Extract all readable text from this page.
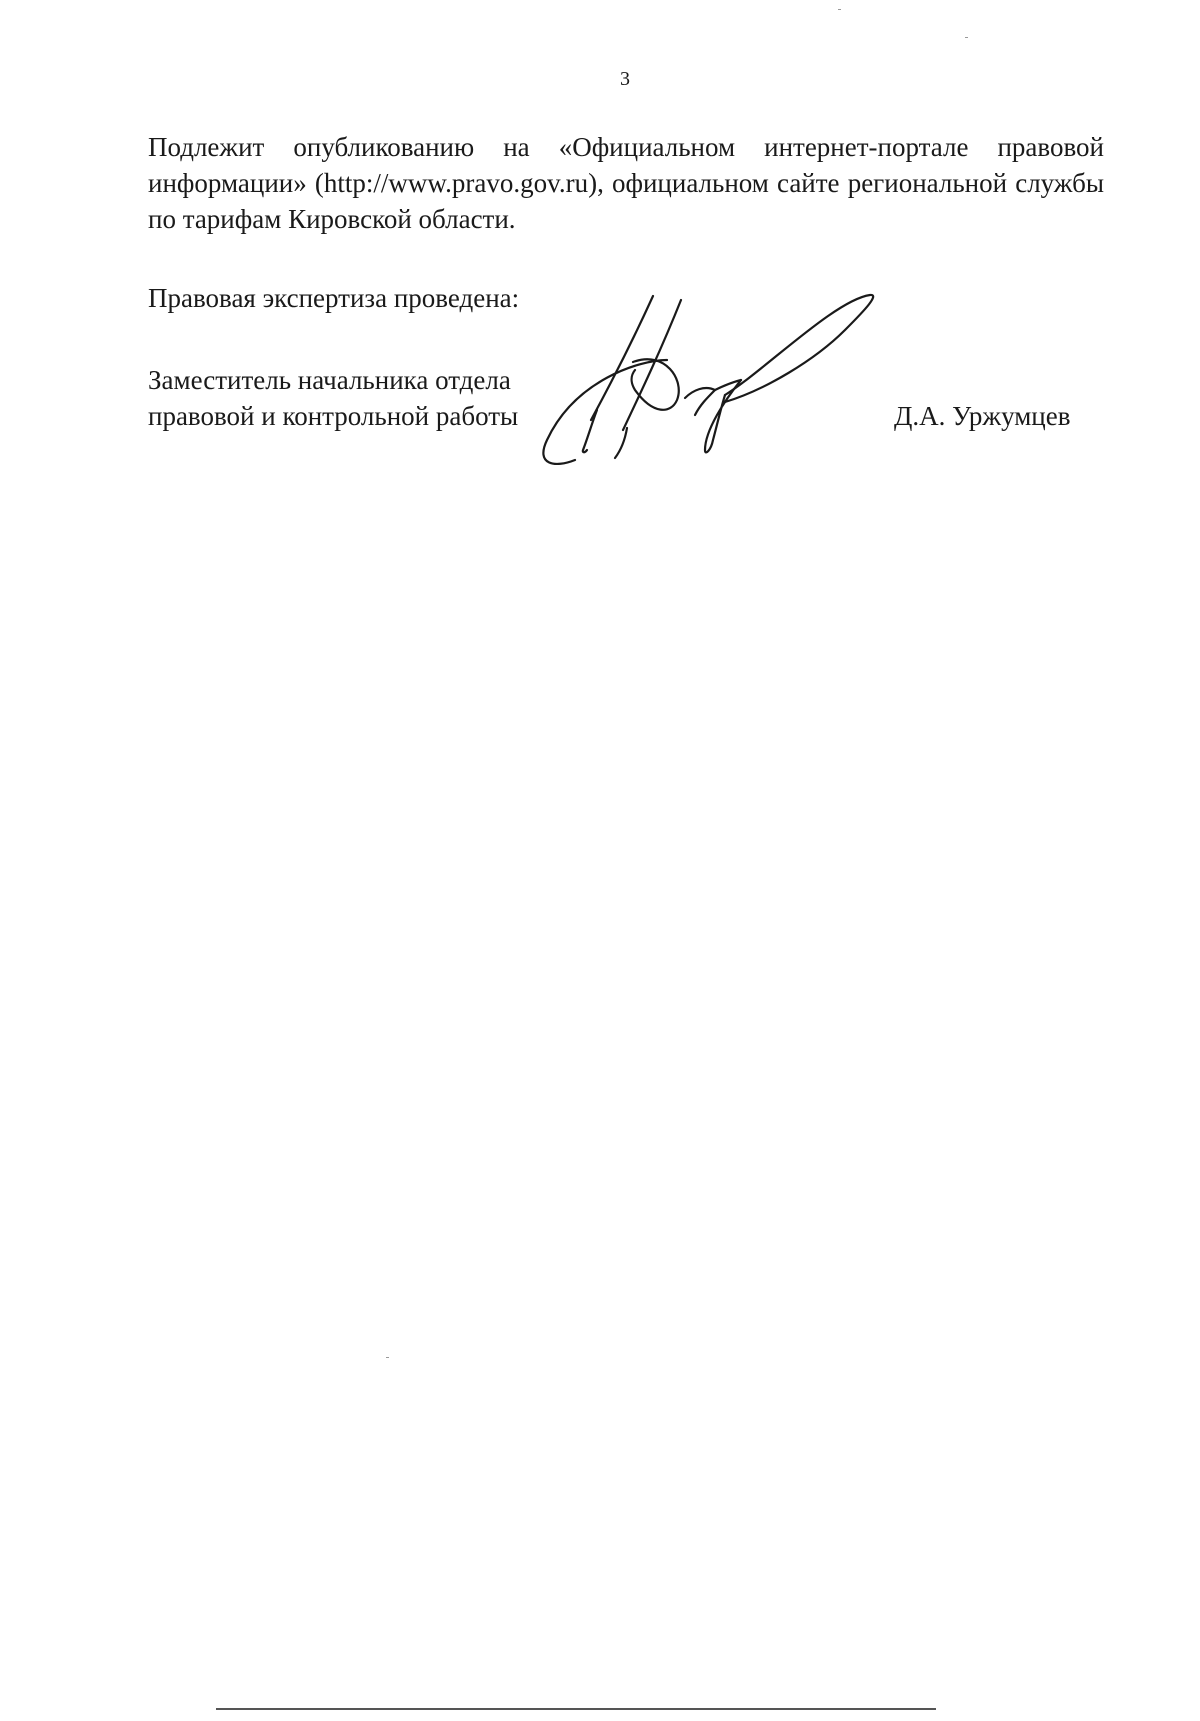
3

Подлежит опубликованию на «Официальном интернет-портале правовой информации» (http://www.pravo.gov.ru), официальном сайте региональной службы по тарифам Кировской области.

Правовая экспертиза проведена:
Заместитель начальника отдела
правовой и контрольной работы	Д.А. Уржумцев
